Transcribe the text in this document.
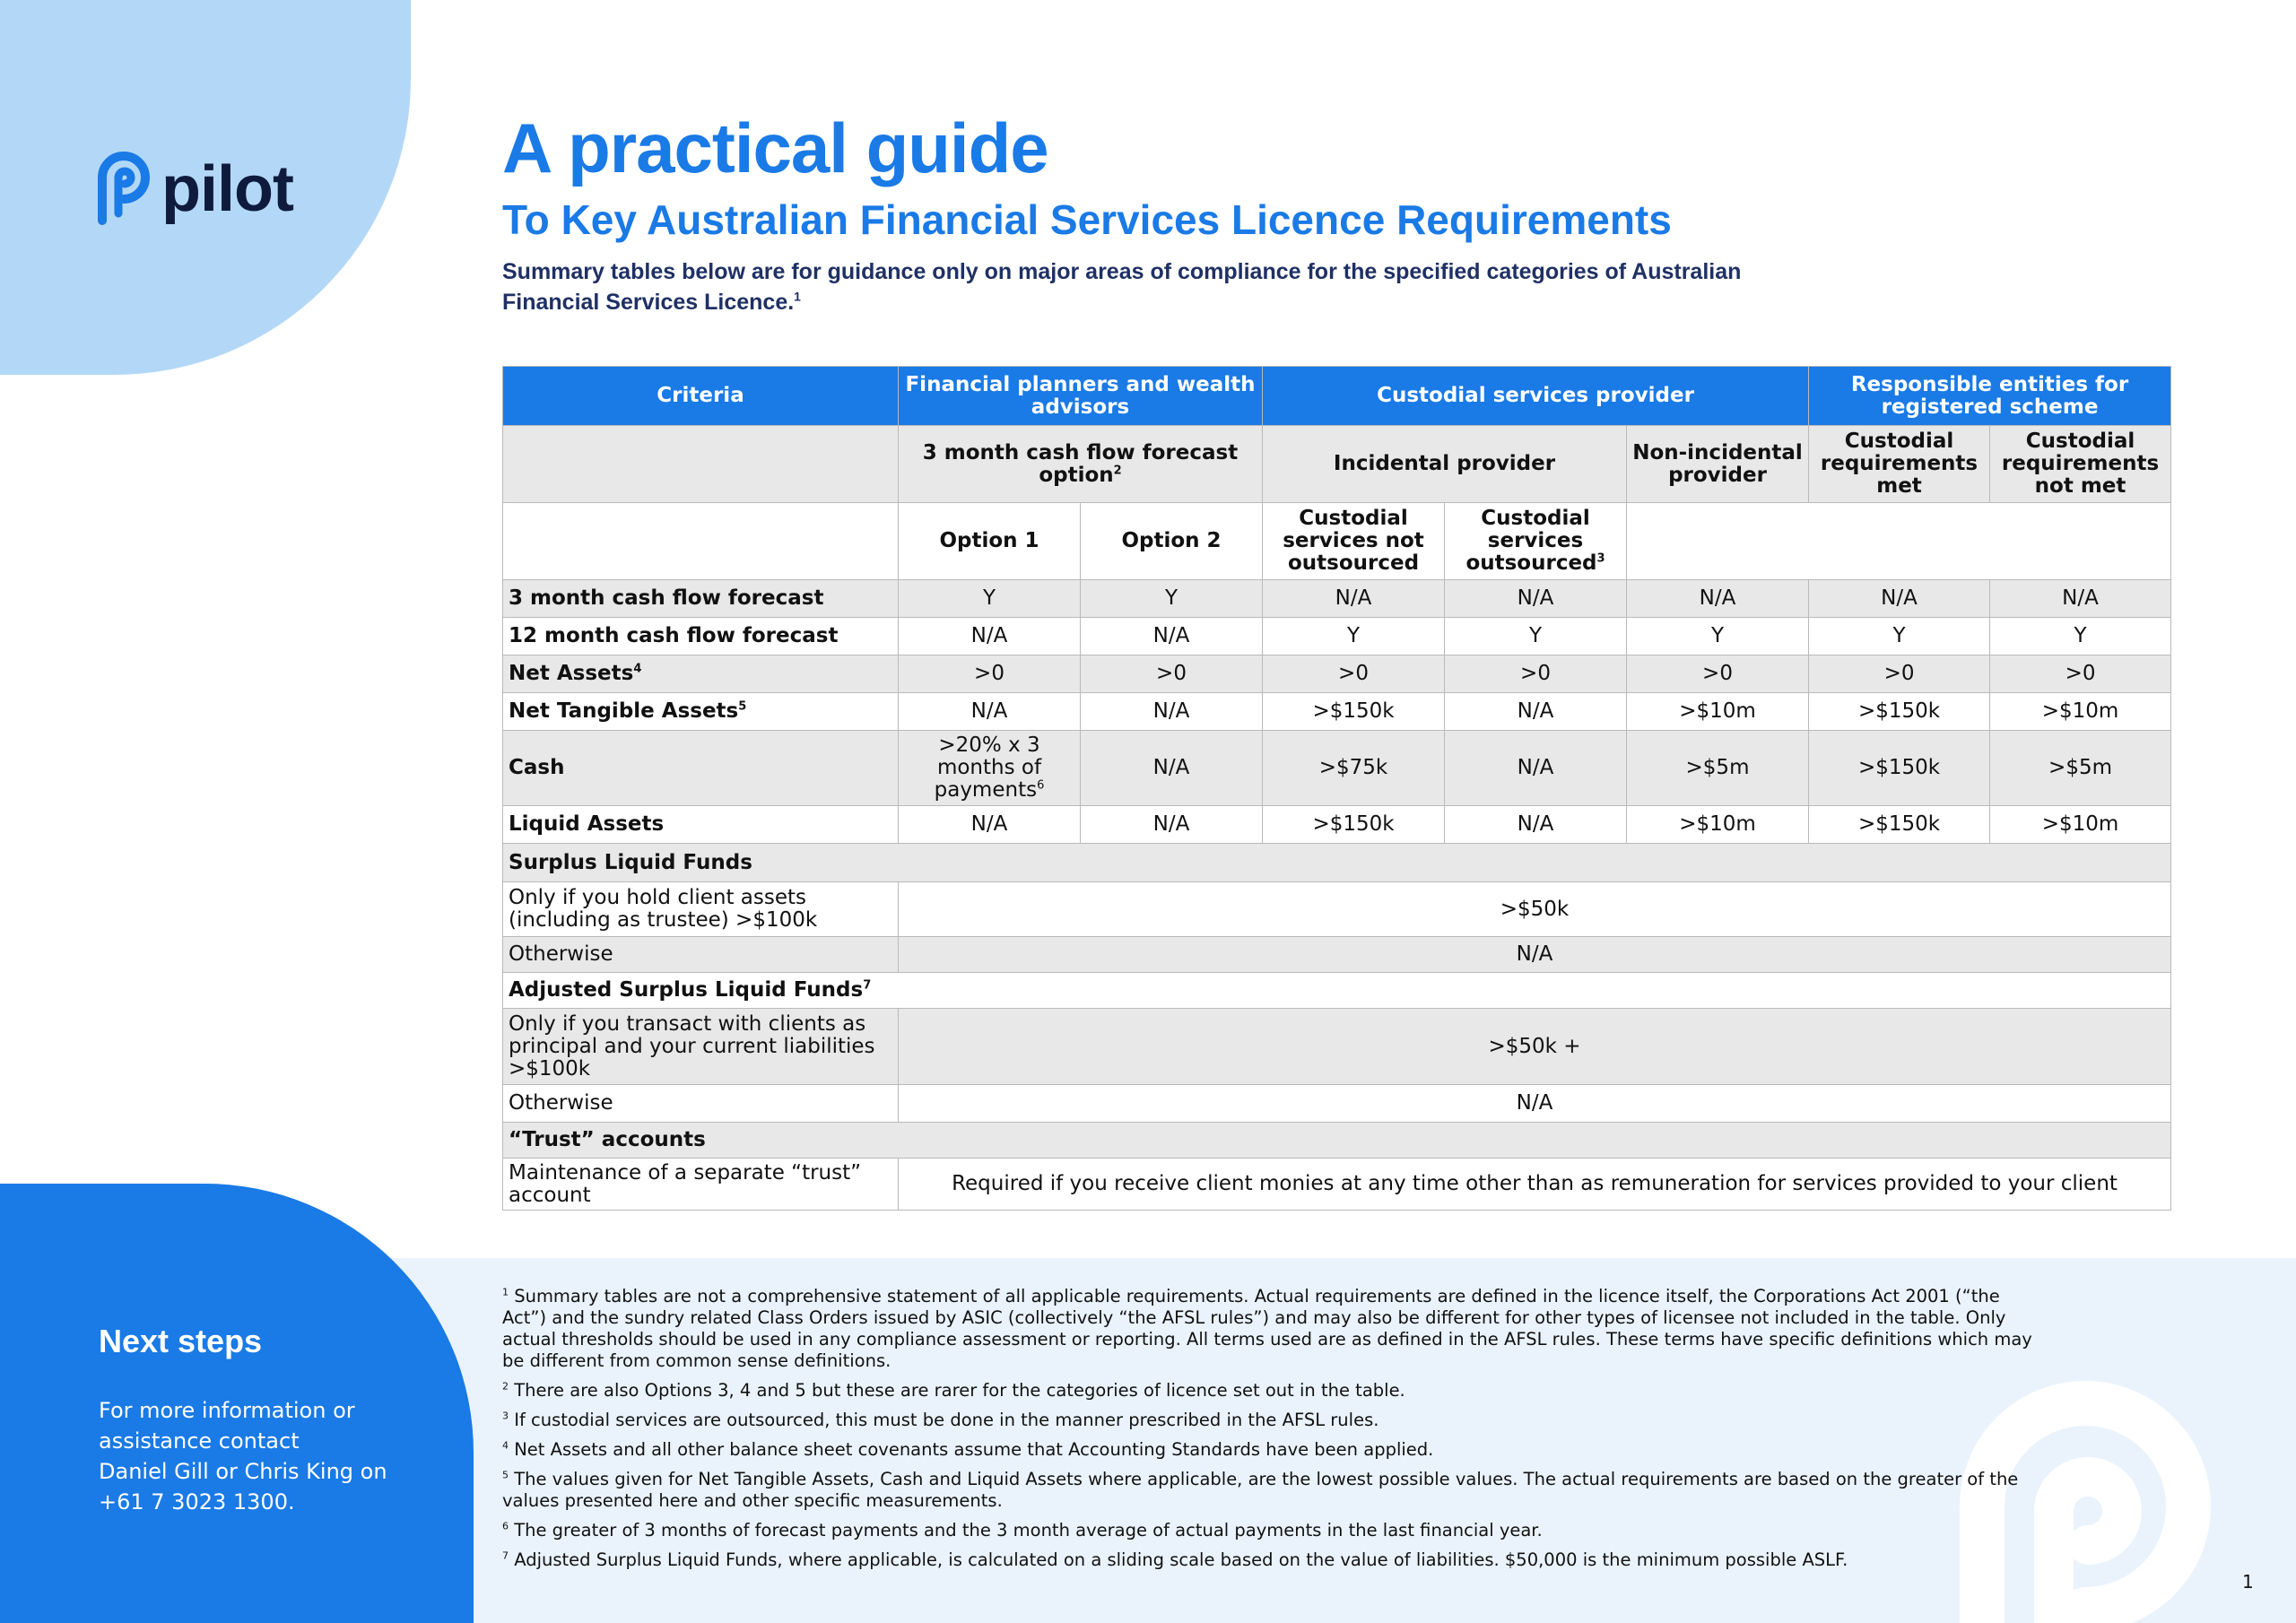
pilot
A practical guide
To Key Australian Financial Services Licence Requirements

Summary tables below are for guidance only on major areas of compliance for the specified categories of Australian Financial Services Licence.$^1$

Criteria	Financial planners and wealth advisors		Custodial services provider			Responsible entities for registered scheme	
	3 month cash flow forecast option$^2$		Incidental provider		Non-incidental provider	Custodial requirements met	Custodial requirements not met
	Option 1	Option 2	Custodial services not outsourced	Custodial services outsourced$^3$	
3 month cash flow forecast	Y	Y	N/A	N/A	N/A	N/A	N/A
12 month cash flow forecast	N/A	N/A	Y	Y	Y	Y	Y
Net Assets$^4$	>0	>0	>0	>0	>0	>0	>0
Net Tangible Assets$^5$	N/A	N/A	>$150k	N/A	>$10m	>$150k	>$10m
Cash	>20% x 3 months of payments$^6$	N/A	>$75k	N/A	>$5m	>$150k	>$5m
Liquid Assets	N/A	N/A	>$150k	N/A	>$10m	>$150k	>$10m
Surplus Liquid Funds							
Only if you hold client assets (including as trustee) >$100k	>$50k						
Otherwise	N/A						
Adjusted Surplus Liquid Funds$^7$
Only if you transact with clients as principal and your current liabilities >$100k	>$50k +						
Otherwise	N/A						
“Trust” accounts							
Maintenance of a separate “trust” account	Required if you receive client monies at any time other than as remuneration for services provided to your client						
Next steps
For more information or
assistance contact
Daniel Gill or Chris King on
+61 7 3023 1300.

$^1$ Summary tables are not a comprehensive statement of all applicable requirements. Actual requirements are defined in the licence itself, the Corporations Act 2001 (“the Act”) and the sundry related Class Orders issued by ASIC (collectively “the AFSL rules”) and may also be different for other types of licensee not included in the table. Only actual thresholds should be used in any compliance assessment or reporting. All terms used are as defined in the AFSL rules. These terms have specific definitions which may be different from common sense definitions.

$^2$ There are also Options 3, 4 and 5 but these are rarer for the categories of licence set out in the table.

$^3$ If custodial services are outsourced, this must be done in the manner prescribed in the AFSL rules.

$^4$ Net Assets and all other balance sheet covenants assume that Accounting Standards have been applied.

$^5$ The values given for Net Tangible Assets, Cash and Liquid Assets where applicable, are the lowest possible values. The actual requirements are based on the greater of the values presented here and other specific measurements.

$^6$ The greater of 3 months of forecast payments and the 3 month average of actual payments in the last financial year.

$^7$ Adjusted Surplus Liquid Funds, where applicable, is calculated on a sliding scale based on the value of liabilities. $50,000 is the minimum possible ASLF.

1
